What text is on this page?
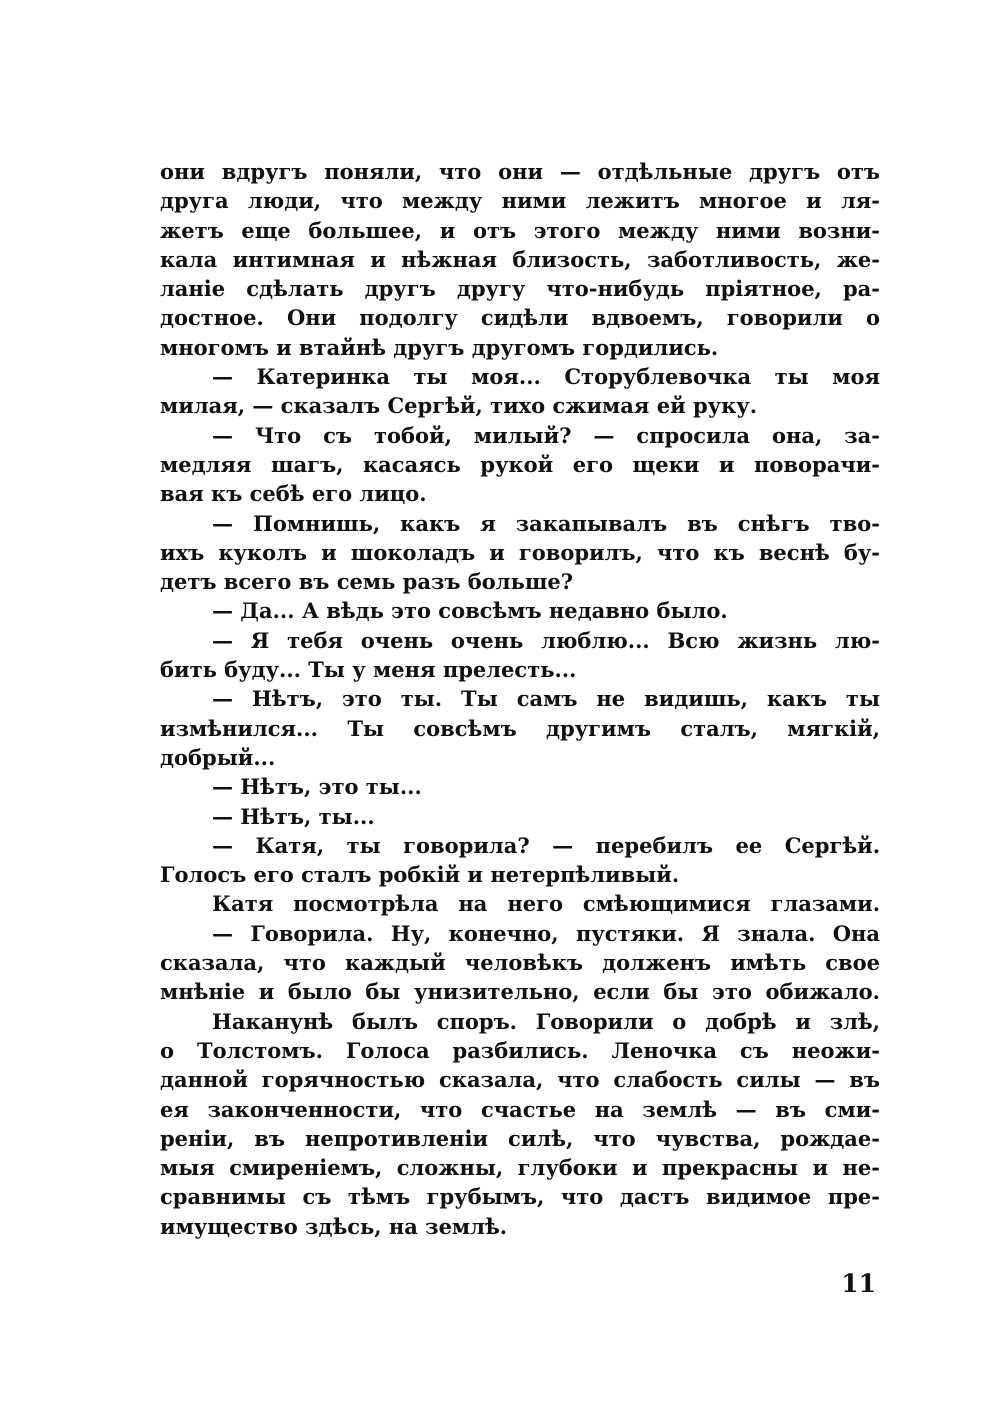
они вдругъ поняли, что они — отдѣльные другъ отъ
друга люди, что между ними лежитъ многое и ля-
жетъ еще большее, и отъ этого между ними возни-
кала интимная и нѣжная близость, заботливость, же-
ланіе сдѣлать другъ другу что-нибудь пріятное, ра-
достное. Они подолгу сидѣли вдвоемъ, говорили о
многомъ и втайнѣ другъ другомъ гордились.
— Катеринка ты моя... Сторублевочка ты моя
милая, — сказалъ Сергѣй, тихо сжимая ей руку.
— Что съ тобой, милый? — спросила она, за-
медляя шагъ, касаясь рукой его щеки и поворачи-
вая къ себѣ его лицо.
— Помнишь, какъ я закапывалъ въ снѣгъ тво-
ихъ куколъ и шоколадъ и говорилъ, что къ веснѣ бу-
детъ всего въ семь разъ больше?
— Да... А вѣдь это совсѣмъ недавно было.
— Я тебя очень очень люблю... Всю жизнь лю-
бить буду... Ты у меня прелесть...
— Нѣтъ, это ты. Ты самъ не видишь, какъ ты
измѣнился... Ты совсѣмъ другимъ сталъ, мягкій,
добрый...
— Нѣтъ, это ты...
— Нѣтъ, ты...
— Катя, ты говорила? — перебилъ ее Сергѣй.
Голосъ его сталъ робкій и нетерпѣливый.
Катя посмотрѣла на него смѣющимися глазами.
— Говорила. Ну, конечно, пустяки. Я знала. Она
сказала, что каждый человѣкъ долженъ имѣть свое
мнѣніе и было бы унизительно, если бы это обижало.
Наканунѣ былъ споръ. Говорили о добрѣ и злѣ,
о Толстомъ. Голоса разбились. Леночка съ неожи-
данной горячностью сказала, что слабость силы — въ
ея законченности, что счастье на землѣ — въ сми-
реніи, въ непротивленіи силѣ, что чувства, рождае-
мыя смиреніемъ, сложны, глубоки и прекрасны и не-
сравнимы съ тѣмъ грубымъ, что дастъ видимое пре-
имущество здѣсь, на землѣ.
11
